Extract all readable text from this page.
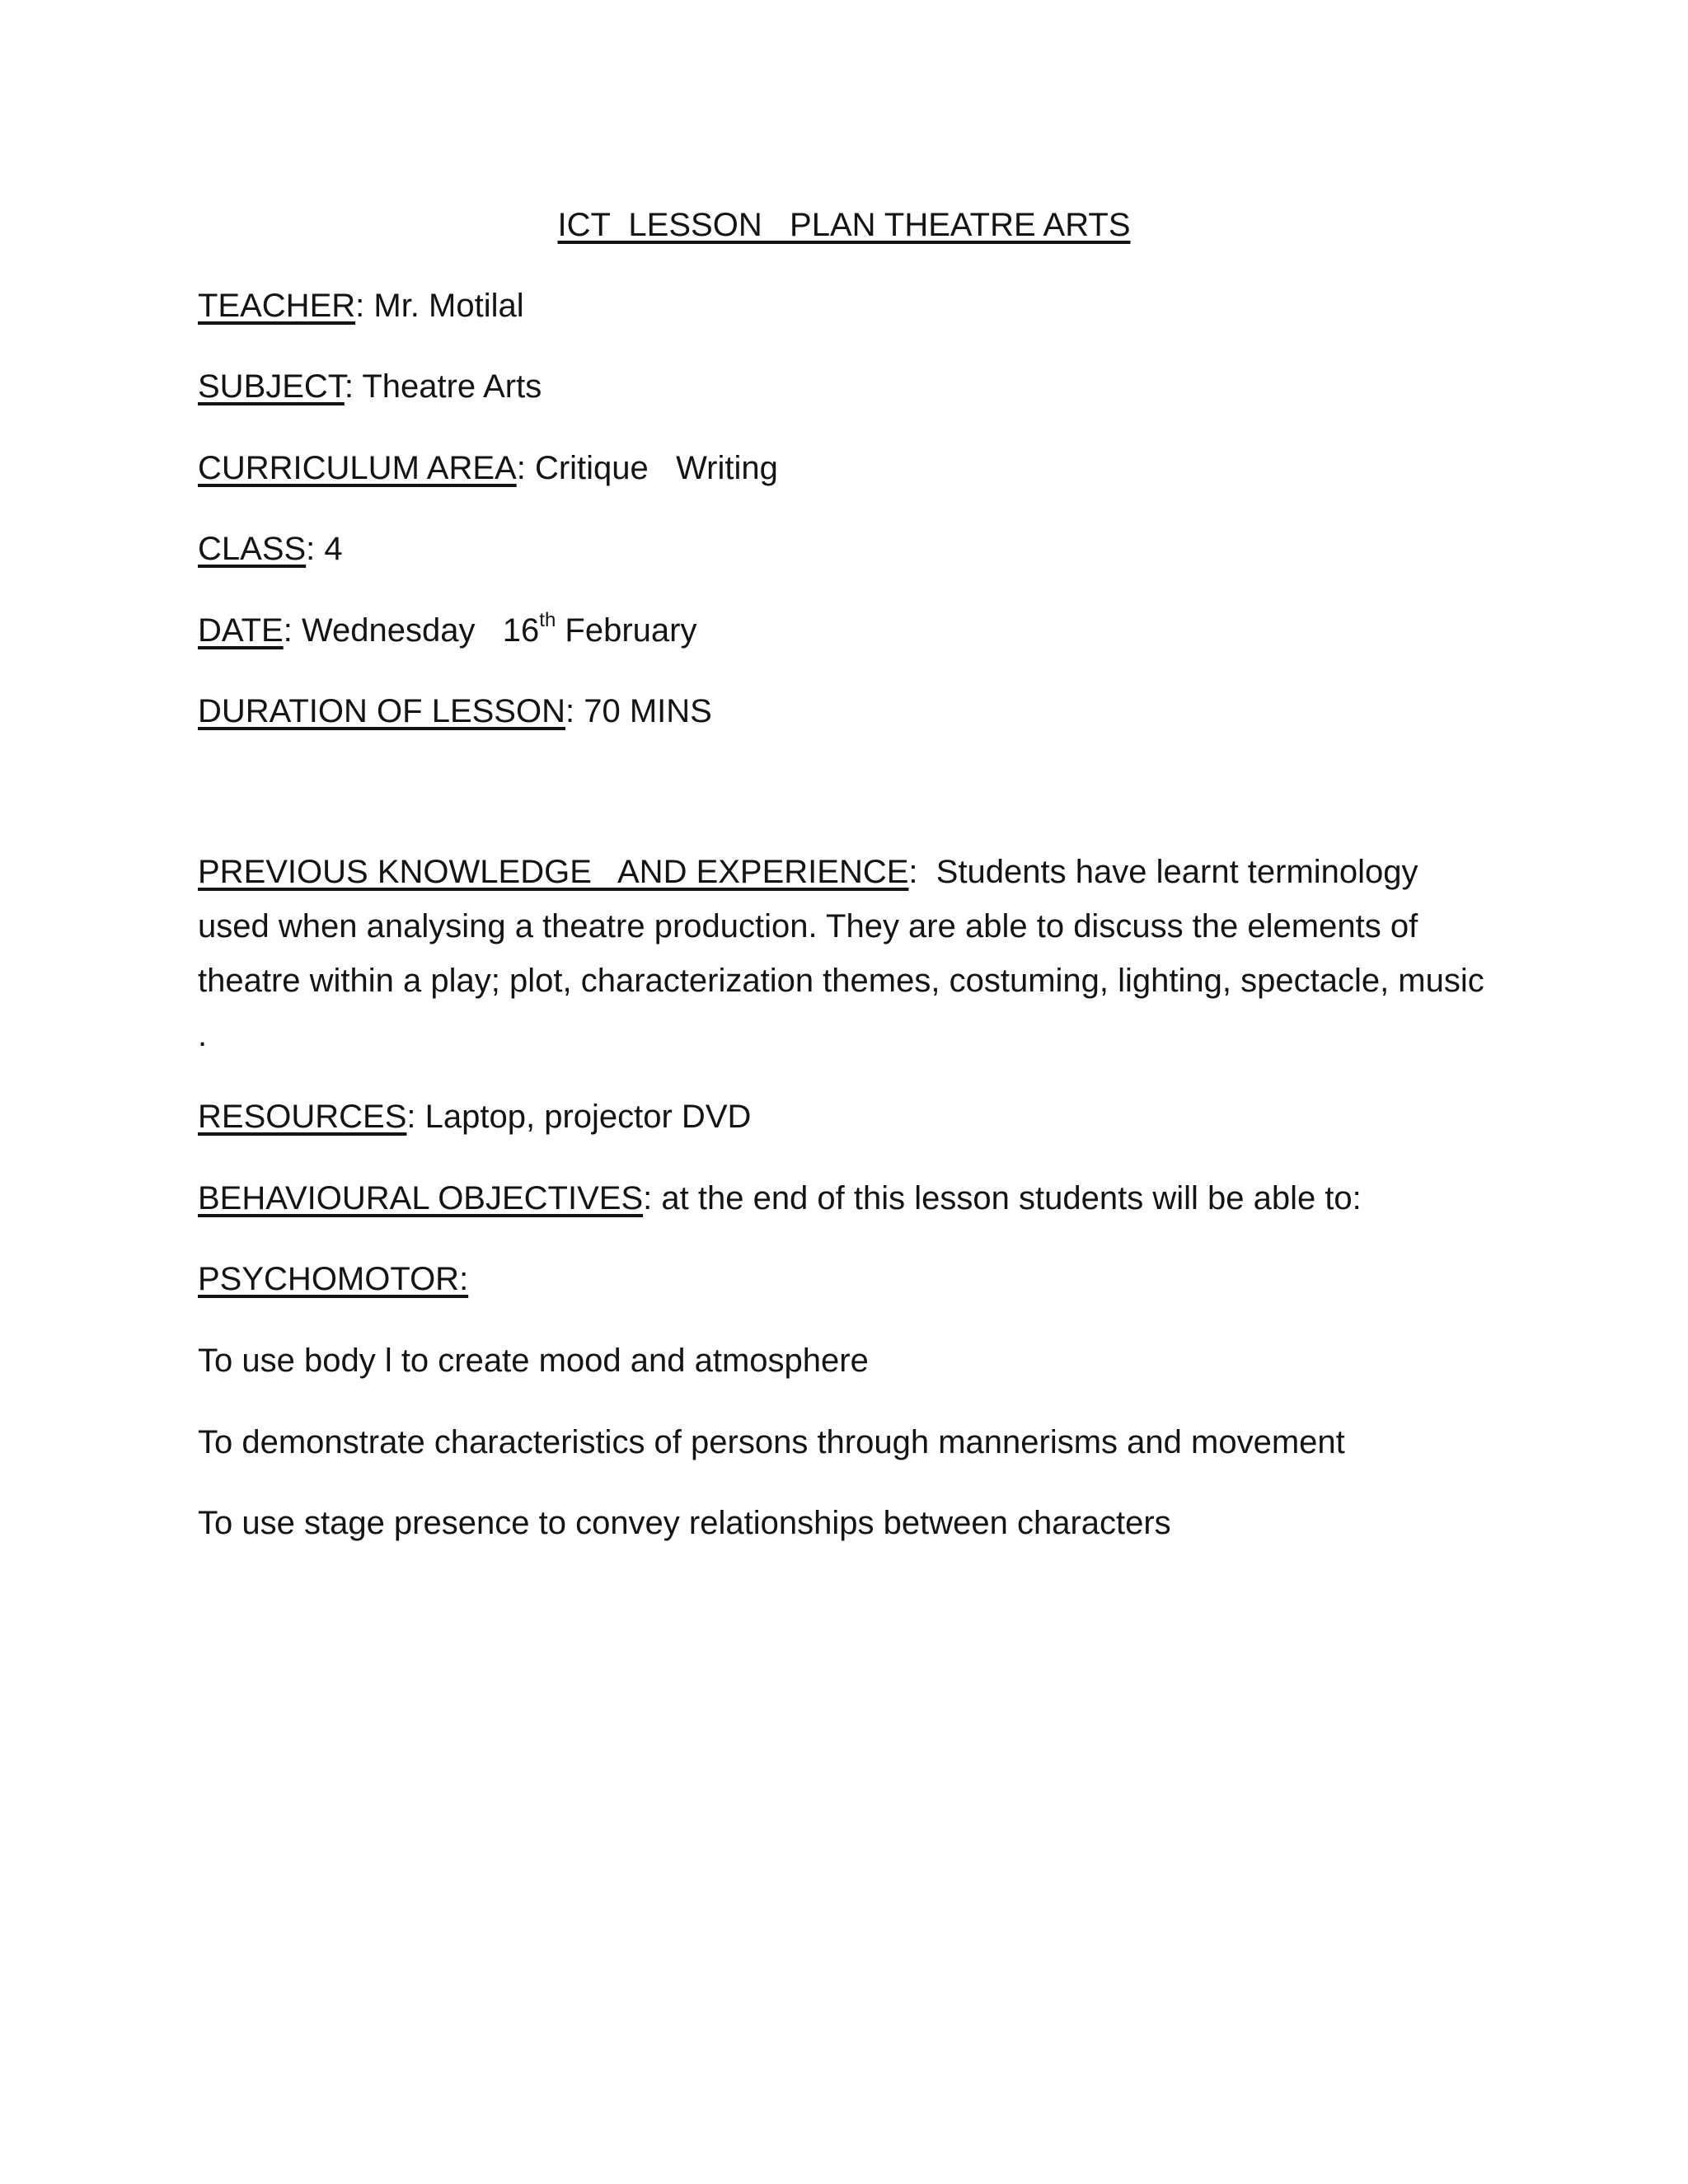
ICT  LESSON   PLAN THEATRE ARTS
TEACHER: Mr. Motilal
SUBJECT: Theatre Arts
CURRICULUM AREA: Critique   Writing
CLASS: 4
DATE: Wednesday   16th February
DURATION OF LESSON: 70 MINS
PREVIOUS KNOWLEDGE   AND EXPERIENCE:  Students have learnt terminology used when analysing a theatre production. They are able to discuss the elements of theatre within a play; plot, characterization themes, costuming, lighting, spectacle, music .
RESOURCES: Laptop, projector DVD
BEHAVIOURAL OBJECTIVES: at the end of this lesson students will be able to:
PSYCHOMOTOR:
To use body l to create mood and atmosphere
To demonstrate characteristics of persons through mannerisms and movement
To use stage presence to convey relationships between characters
